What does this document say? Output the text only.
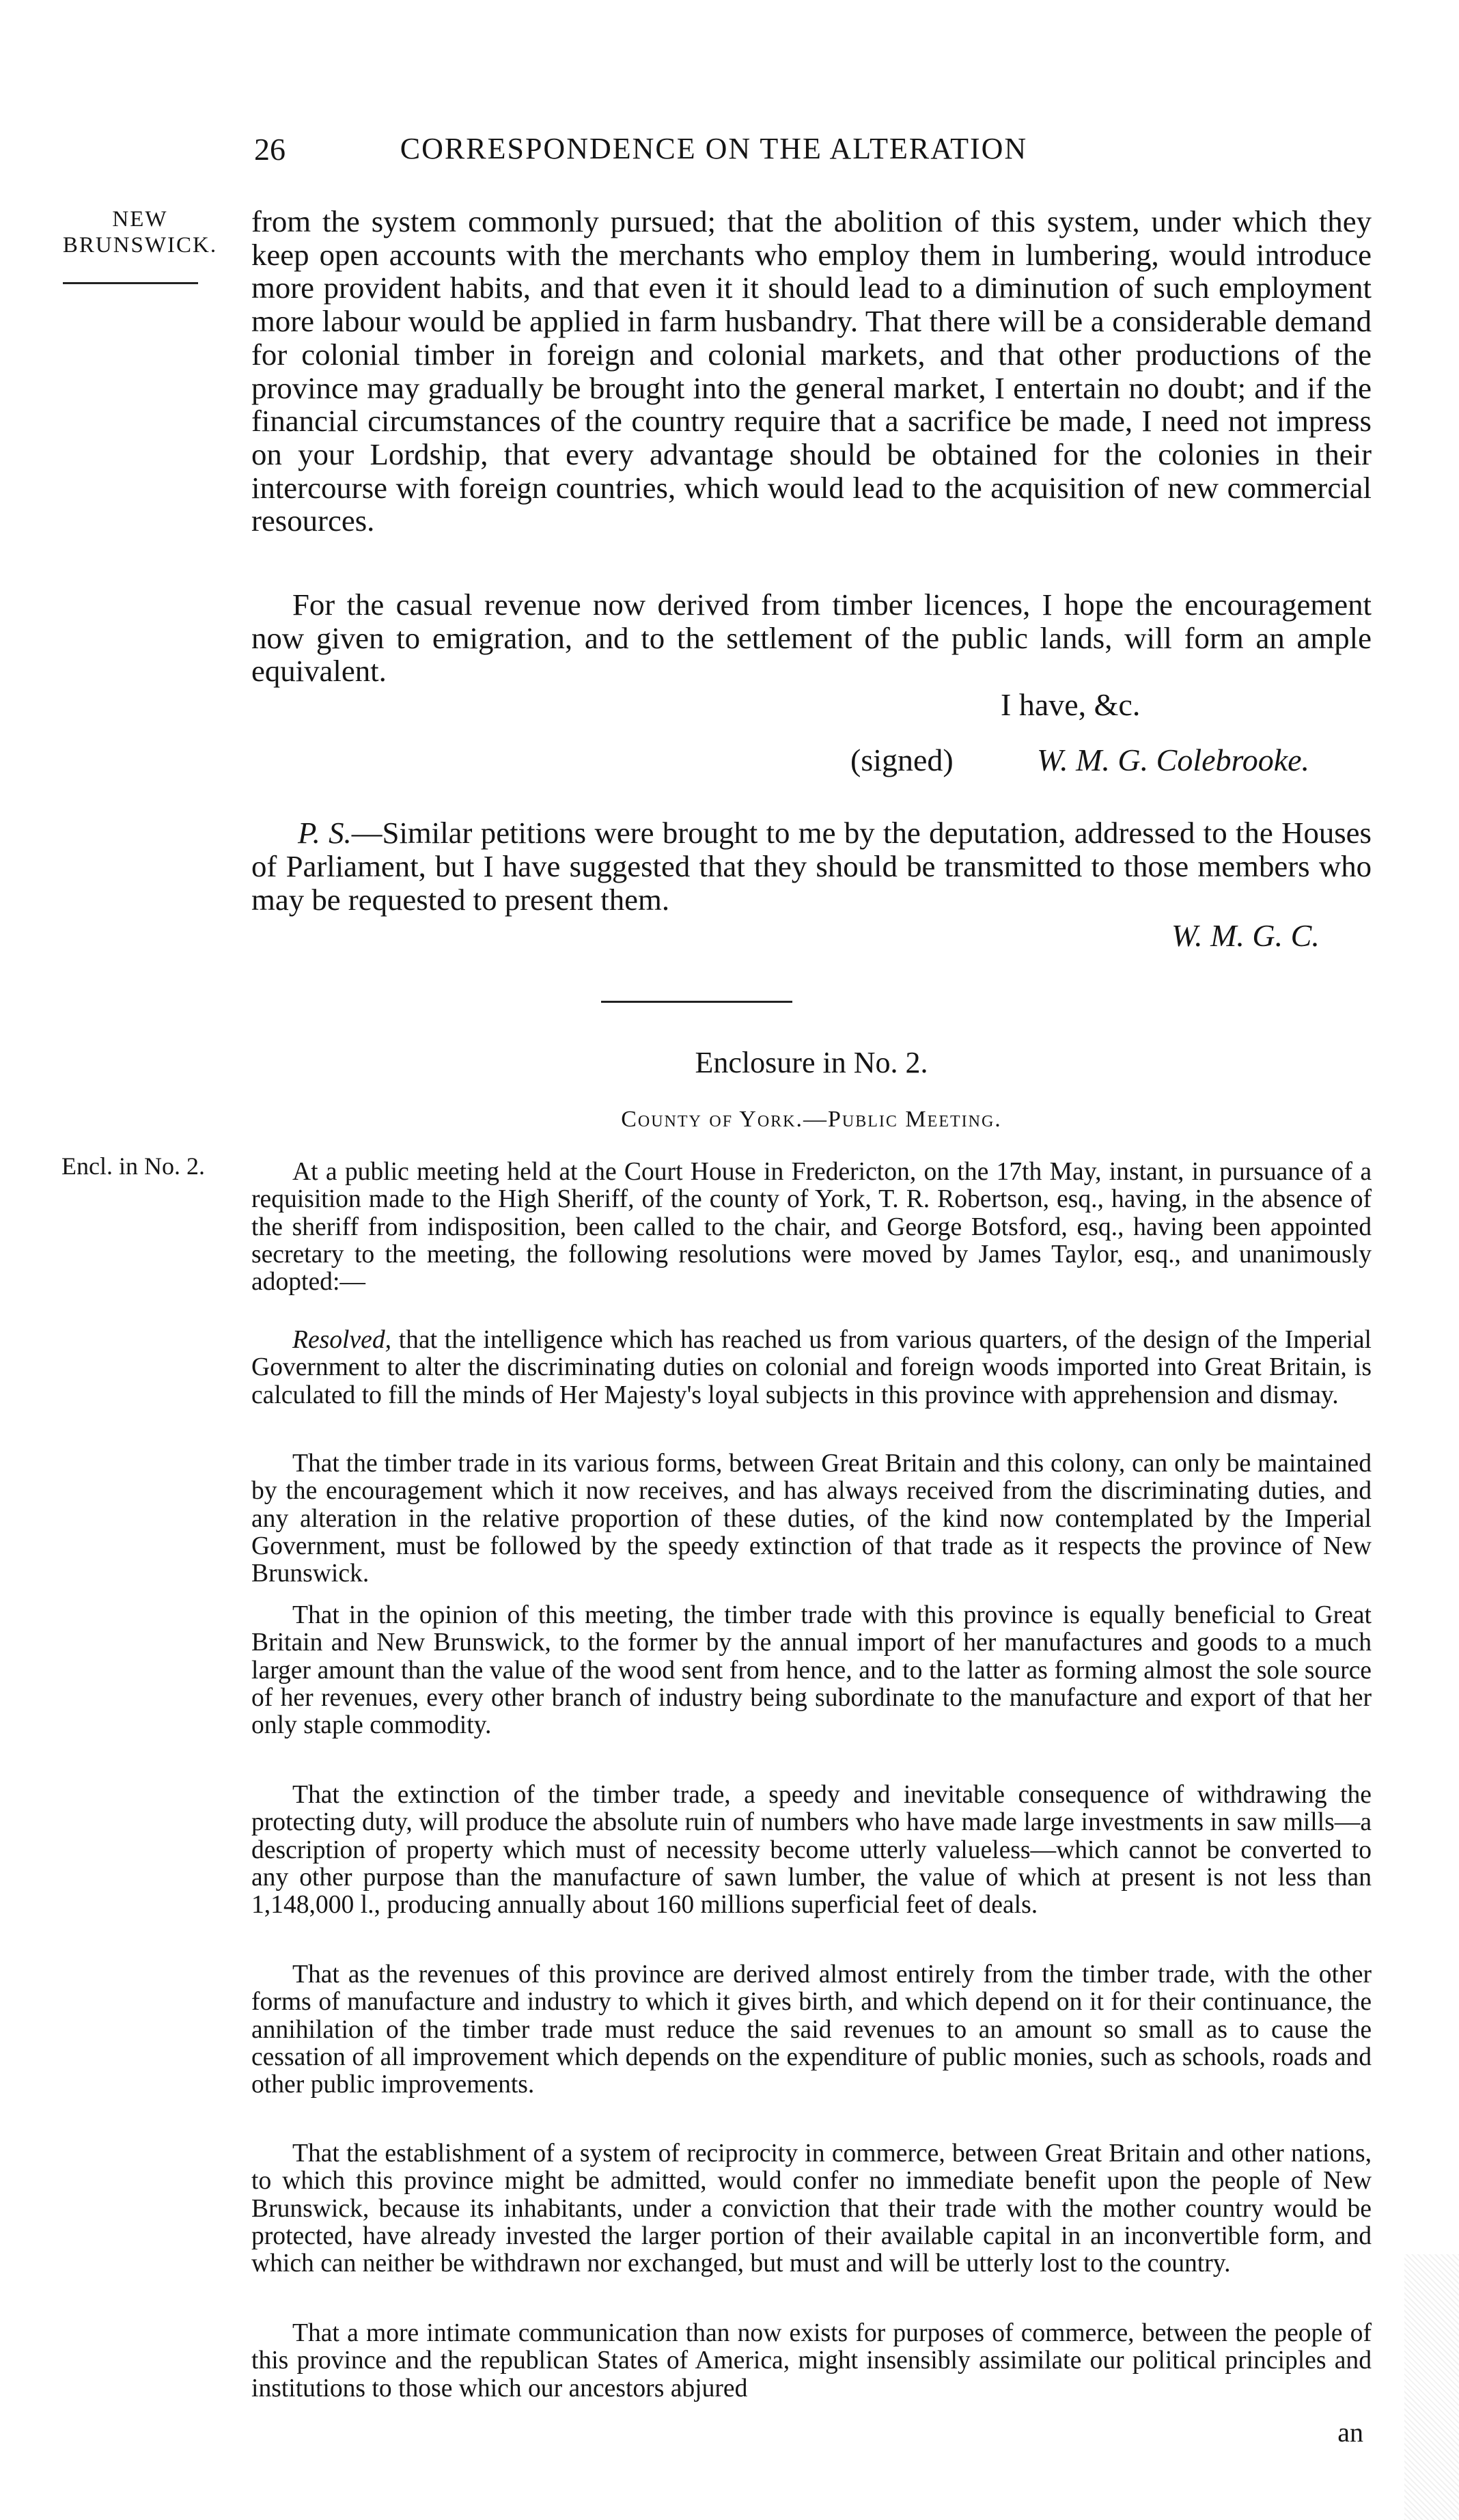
26	CORRESPONDENCE ON THE ALTERATION
NEW
BRUNSWICK.

from the system commonly pursued; that the abolition of this system, under which they keep open accounts with the merchants who employ them in lumbering, would introduce more provident habits, and that even it it should lead to a diminution of such employment more labour would be applied in farm husbandry. That there will be a considerable demand for colonial timber in foreign and colonial markets, and that other productions of the province may gradually be brought into the general market, I entertain no doubt; and if the financial circumstances of the country require that a sacrifice be made, I need not impress on your Lordship, that every advantage should be obtained for the colonies in their intercourse with foreign countries, which would lead to the acquisition of new commercial resources.

For the casual revenue now derived from timber licences, I hope the encouragement now given to emigration, and to the settlement of the public lands, will form an ample equivalent.

I have, &c.
(signed)	W. M. G. Colebrooke.

P. S.—Similar petitions were brought to me by the deputation, addressed to the Houses of Parliament, but I have suggested that they should be transmitted to those members who may be requested to present them.

W. M. G. C.
Enclosure in No. 2.
County of York.—Public Meeting.
Encl. in No. 2.	At a public meeting held at the Court House in Fredericton, on the 17th May, instant, in pursuance of a requisition made to the High Sheriff, of the county of York, T. R. Robertson, esq., having, in the absence of the sheriff from indisposition, been called to the chair, and George Botsford, esq., having been appointed secretary to the meeting, the following resolutions were moved by James Taylor, esq., and unanimously adopted:—

Resolved, that the intelligence which has reached us from various quarters, of the design of the Imperial Government to alter the discriminating duties on colonial and foreign woods imported into Great Britain, is calculated to fill the minds of Her Majesty's loyal subjects in this province with apprehension and dismay.

That the timber trade in its various forms, between Great Britain and this colony, can only be maintained by the encouragement which it now receives, and has always received from the discriminating duties, and any alteration in the relative proportion of these duties, of the kind now contemplated by the Imperial Government, must be followed by the speedy extinction of that trade as it respects the province of New Brunswick.

That in the opinion of this meeting, the timber trade with this province is equally beneficial to Great Britain and New Brunswick, to the former by the annual import of her manufactures and goods to a much larger amount than the value of the wood sent from hence, and to the latter as forming almost the sole source of her revenues, every other branch of industry being subordinate to the manufacture and export of that her only staple commodity.

That the extinction of the timber trade, a speedy and inevitable consequence of withdrawing the protecting duty, will produce the absolute ruin of numbers who have made large investments in saw mills—a description of property which must of necessity become utterly valueless—which cannot be converted to any other purpose than the manufacture of sawn lumber, the value of which at present is not less than 1,148,000 l., producing annually about 160 millions superficial feet of deals.

That as the revenues of this province are derived almost entirely from the timber trade, with the other forms of manufacture and industry to which it gives birth, and which depend on it for their continuance, the annihilation of the timber trade must reduce the said revenues to an amount so small as to cause the cessation of all improvement which depends on the expenditure of public monies, such as schools, roads and other public improvements.

That the establishment of a system of reciprocity in commerce, between Great Britain and other nations, to which this province might be admitted, would confer no immediate benefit upon the people of New Brunswick, because its inhabitants, under a conviction that their trade with the mother country would be protected, have already invested the larger portion of their available capital in an inconvertible form, and which can neither be withdrawn nor exchanged, but must and will be utterly lost to the country.

That a more intimate communication than now exists for purposes of commerce, between the people of this province and the republican States of America, might insensibly assimilate our political principles and institutions to those which our ancestors abjured

an
